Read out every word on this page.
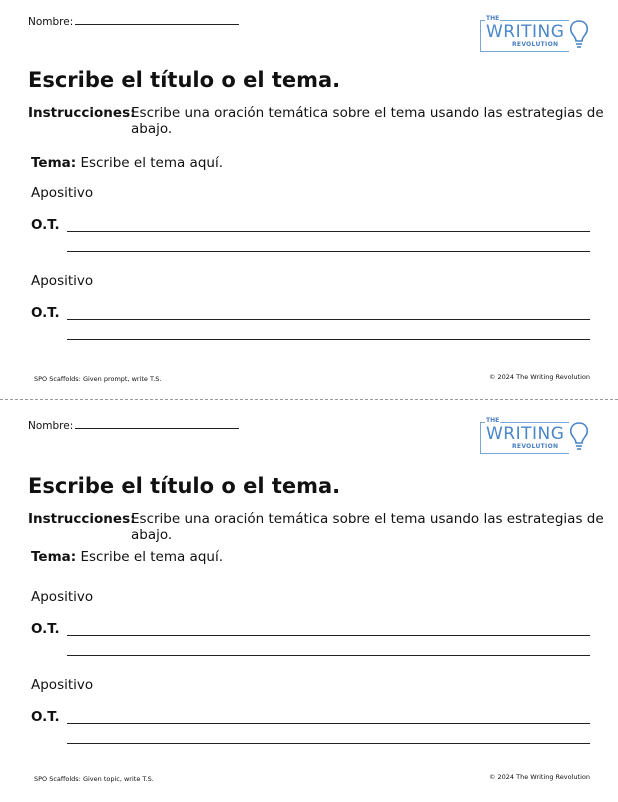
Nombre:	THE
WRITING
REVOLUTION
Escribe el título o el tema.
Instrucciones:
Escribe una oración temática sobre el tema usando las estrategias de abajo.
Tema: Escribe el tema aquí.
Apositivo
O.T.
Apositivo
O.T.
SPO Scaffolds: Given prompt, write T.S.	© 2024 The Writing Revolution
Nombre:	THE
WRITING
REVOLUTION
Escribe el título o el tema.
Instrucciones:
Escribe una oración temática sobre el tema usando las estrategias de abajo.
Tema: Escribe el tema aquí.
Apositivo
O.T.
Apositivo
O.T.
SPO Scaffolds: Given topic, write T.S.	© 2024 The Writing Revolution
